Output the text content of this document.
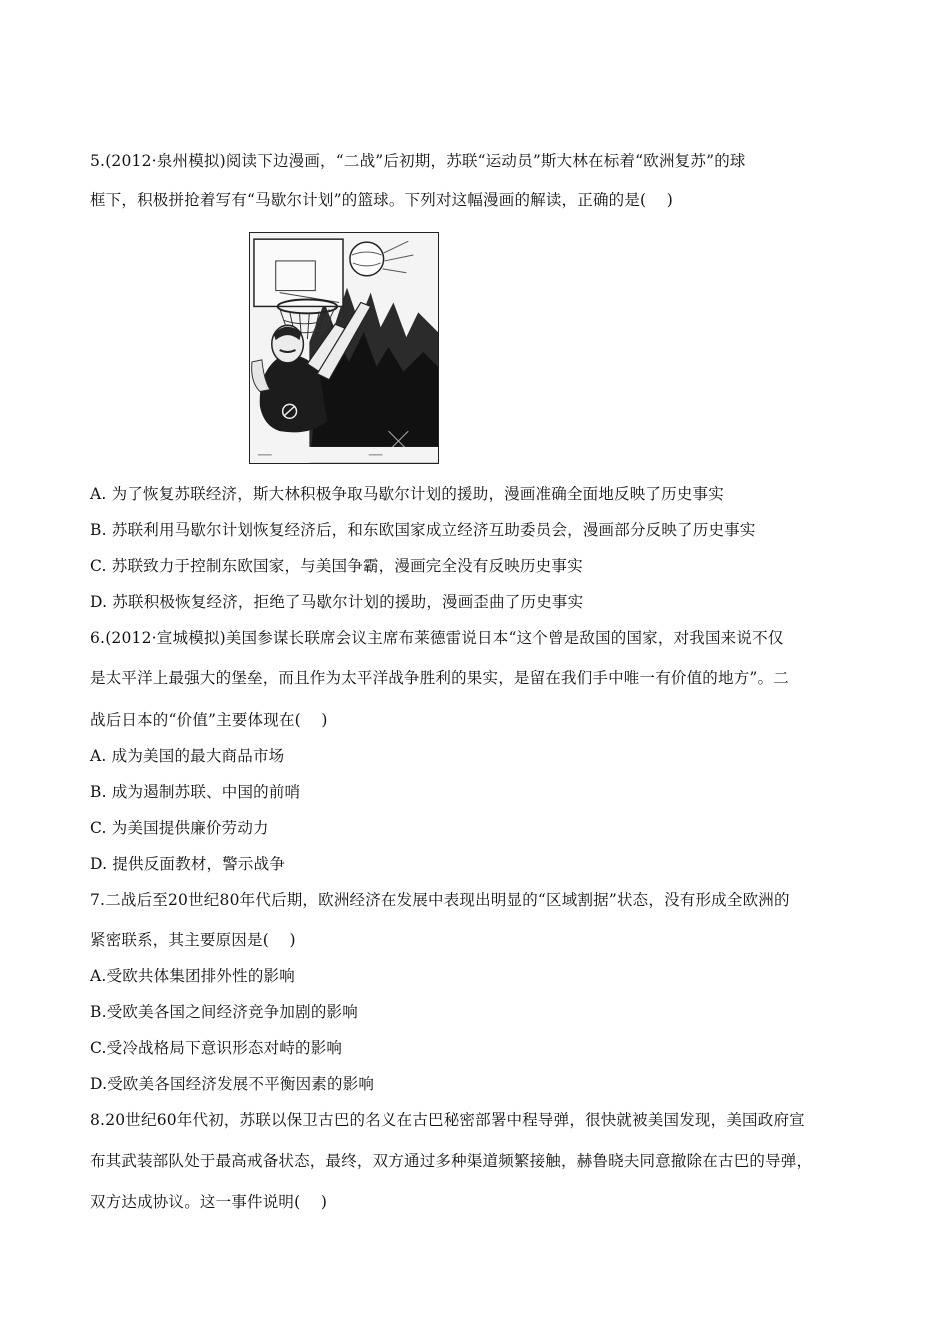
5.(2012·泉州模拟)阅读下边漫画，“二战”后初期，苏联“运动员”斯大林在标着“欧洲复苏”的球
框下，积极拼抢着写有“马歇尔计划”的篮球。下列对这幅漫画的解读，正确的是(    )
A. 为了恢复苏联经济，斯大林积极争取马歇尔计划的援助，漫画准确全面地反映了历史事实
B. 苏联利用马歇尔计划恢复经济后，和东欧国家成立经济互助委员会，漫画部分反映了历史事实
C. 苏联致力于控制东欧国家，与美国争霸，漫画完全没有反映历史事实
D. 苏联积极恢复经济，拒绝了马歇尔计划的援助，漫画歪曲了历史事实
6.(2012·宣城模拟)美国参谋长联席会议主席布莱德雷说日本“这个曾是敌国的国家，对我国来说不仅
是太平洋上最强大的堡垒，而且作为太平洋战争胜利的果实，是留在我们手中唯一有价值的地方”。二
战后日本的“价值”主要体现在(    )
A. 成为美国的最大商品市场
B. 成为遏制苏联、中国的前哨
C. 为美国提供廉价劳动力
D. 提供反面教材，警示战争
7.二战后至20世纪80年代后期，欧洲经济在发展中表现出明显的“区域割据”状态，没有形成全欧洲的
紧密联系，其主要原因是(    )
A.受欧共体集团排外性的影响
B.受欧美各国之间经济竞争加剧的影响
C.受冷战格局下意识形态对峙的影响
D.受欧美各国经济发展不平衡因素的影响
8.20世纪60年代初，苏联以保卫古巴的名义在古巴秘密部署中程导弹，很快就被美国发现，美国政府宣
布其武装部队处于最高戒备状态，最终，双方通过多种渠道频繁接触，赫鲁晓夫同意撤除在古巴的导弹，
双方达成协议。这一事件说明(    )
